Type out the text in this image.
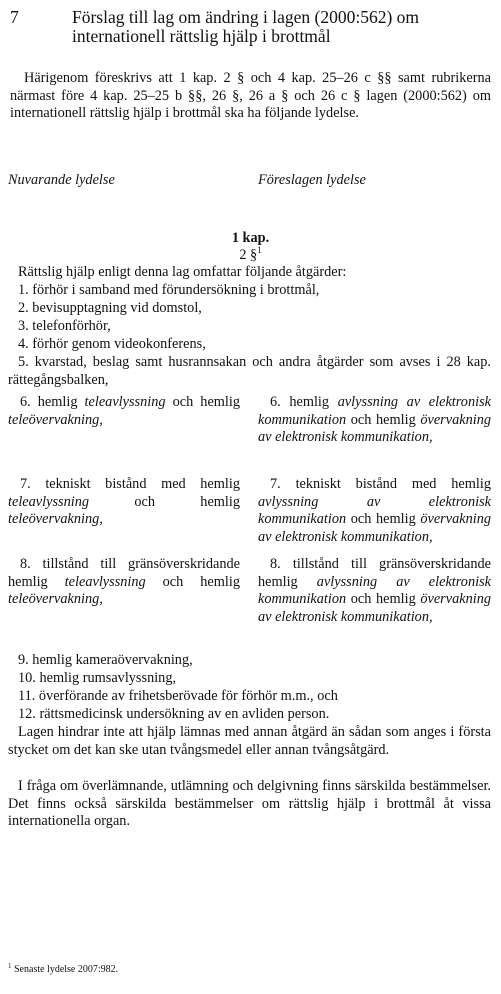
7	Förslag till lag om ändring i lagen (2000:562) om internationell rättslig hjälp i brottmål
Härigenom föreskrivs att 1 kap. 2 § och 4 kap. 25–26 c §§ samt rubrikerna närmast före 4 kap. 25–25 b §§, 26 §, 26 a § och 26 c § lagen (2000:562) om internationell rättslig hjälp i brottmål ska ha följande lydelse.
Nuvarande lydelse	Föreslagen lydelse
1 kap.
2 §$^1$
Rättslig hjälp enligt denna lag omfattar följande åtgärder:
1. förhör i samband med förundersökning i brottmål,
2. bevisupptagning vid domstol,
3. telefonförhör,
4. förhör genom videokonferens,
5. kvarstad, beslag samt husrannsakan och andra åtgärder som avses i 28 kap. rättegångsbalken,
6. hemlig teleavlyssning och hemlig teleövervakning,
6. hemlig avlyssning av elektronisk kommunikation och hemlig övervakning av elektronisk kommunikation,
7. tekniskt bistånd med hemlig teleavlyssning och hemlig teleövervakning,
7. tekniskt bistånd med hemlig avlyssning av elektronisk kommunikation och hemlig övervakning av elektronisk kommunikation,
8. tillstånd till gränsöverskridande hemlig teleavlyssning och hemlig teleövervakning,
8. tillstånd till gränsöverskridande hemlig avlyssning av elektronisk kommunikation och hemlig övervakning av elektronisk kommunikation,
9. hemlig kameraövervakning,
10. hemlig rumsavlyssning,
11. överförande av frihetsberövade för förhör m.m., och
12. rättsmedicinsk undersökning av en avliden person.
Lagen hindrar inte att hjälp lämnas med annan åtgärd än sådan som anges i första stycket om det kan ske utan tvångsmedel eller annan tvångsåtgärd.
I fråga om överlämnande, utlämning och delgivning finns särskilda bestämmelser. Det finns också särskilda bestämmelser om rättslig hjälp i brottmål åt vissa internationella organ.
$^1$ Senaste lydelse 2007:982.
